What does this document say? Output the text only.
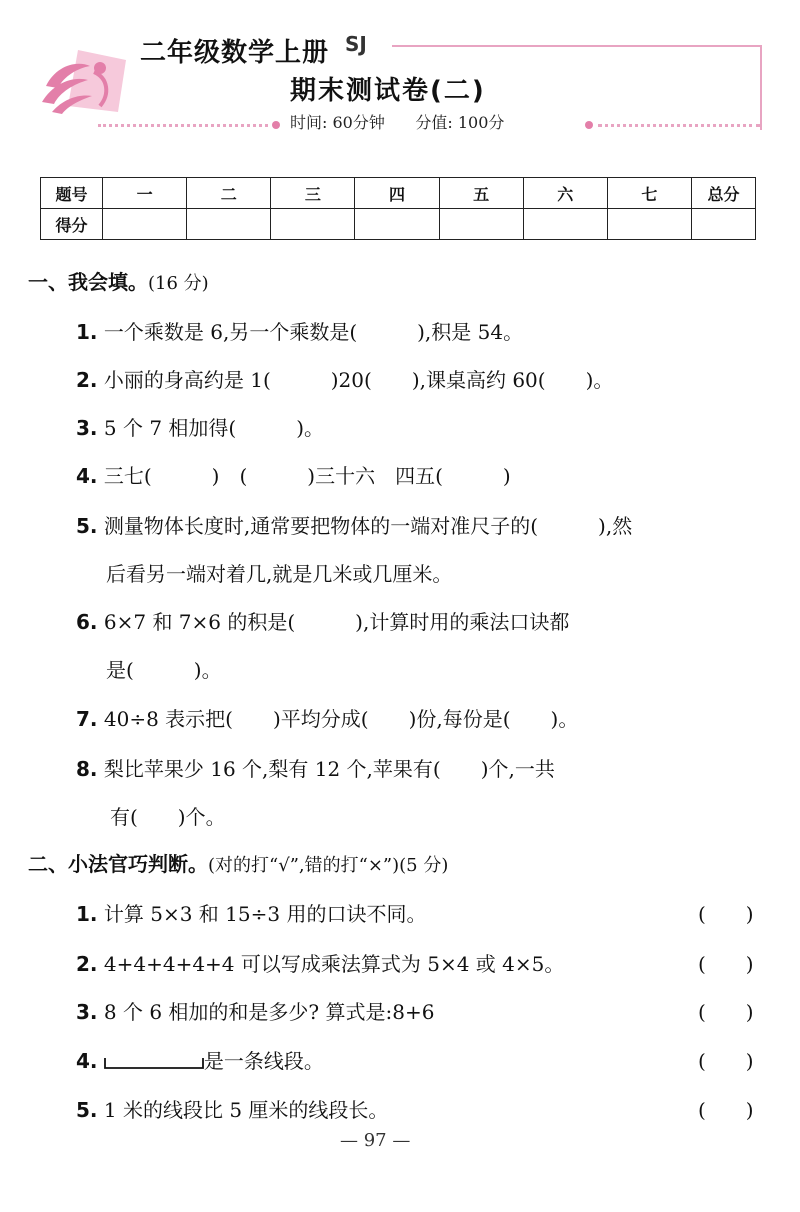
二年级数学上册 SJ
期末测试卷(二)
时间: 60分钟 分值: 100分
题号	一	二	三	四	五	六	七	总分
得分								
一、我会填。(16 分)
1. 一个乘数是 6,另一个乘数是(　　　),积是 54。
2. 小丽的身高约是 1(　　　)20(　　),课桌高约 60(　　)。
3. 5 个 7 相加得(　　　)。
4. 三七(　　　)　(　　　)三十六　四五(　　　)
5. 测量物体长度时,通常要把物体的一端对准尺子的(　　　),然
后看另一端对着几,就是几米或几厘米。
6. 6×7 和 7×6 的积是(　　　),计算时用的乘法口诀都
是(　　　)。
7. 40÷8 表示把(　　)平均分成(　　)份,每份是(　　)。
8. 梨比苹果少 16 个,梨有 12 个,苹果有(　　)个,一共
有(　　)个。
二、小法官巧判断。(对的打“√”,错的打“×”)(5 分)
1. 计算 5×3 和 15÷3 用的口诀不同。	(　　)
2. 4+4+4+4+4 可以写成乘法算式为 5×4 或 4×5。	(　　)
3. 8 个 6 相加的和是多少? 算式是:8+6	(　　)
4.	是一条线段。	(　　)
5. 1 米的线段比 5 厘米的线段长。	(　　)
— 97 —
